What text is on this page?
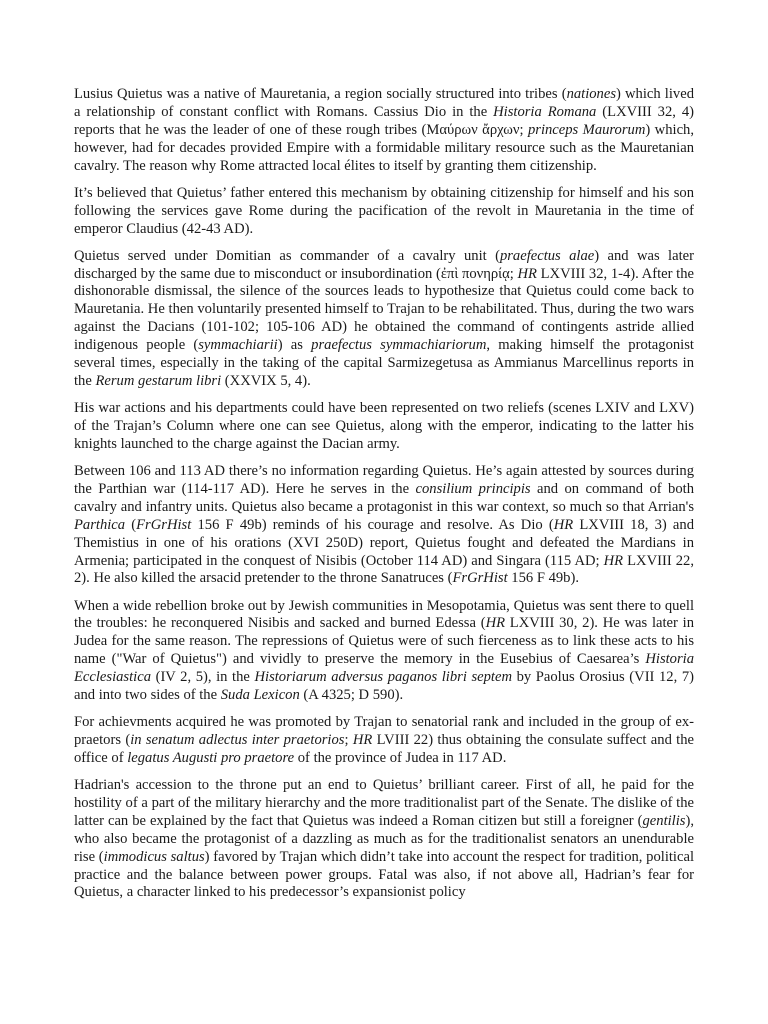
Lusius Quietus was a native of Mauretania, a region socially structured into tribes (nationes) which lived a relationship of constant conflict with Romans. Cassius Dio in the Historia Romana (LXVIII 32, 4) reports that he was the leader of one of these rough tribes (Μαύρων ἄρχων; princeps Maurorum) which, however, had for decades provided Empire with a formidable military resource such as the Mauretanian cavalry. The reason why Rome attracted local élites to itself by granting them citizenship.

It’s believed that Quietus’ father entered this mechanism by obtaining citizenship for himself and his son following the services gave Rome during the pacification of the revolt in Mauretania in the time of emperor Claudius (42-43 AD).

Quietus served under Domitian as commander of a cavalry unit (praefectus alae) and was later discharged by the same due to misconduct or insubordination (ἐπὶ πονηρίᾳ; HR LXVIII 32, 1-4). After the dishonorable dismissal, the silence of the sources leads to hypothesize that Quietus could come back to Mauretania. He then voluntarily presented himself to Trajan to be rehabilitated. Thus, during the two wars against the Dacians (101-102; 105-106 AD) he obtained the command of contingents astride allied indigenous people (symmachiarii) as praefectus symmachiariorum, making himself the protagonist several times, especially in the taking of the capital Sarmizegetusa as Ammianus Marcellinus reports in the Rerum gestarum libri (XXVIX 5, 4).

His war actions and his departments could have been represented on two reliefs (scenes LXIV and LXV) of the Trajan’s Column where one can see Quietus, along with the emperor, indicating to the latter his knights launched to the charge against the Dacian army.

Between 106 and 113 AD there’s no information regarding Quietus. He’s again attested by sources during the Parthian war (114-117 AD). Here he serves in the consilium principis and on command of both cavalry and infantry units. Quietus also became a protagonist in this war context, so much so that Arrian's Parthica (FrGrHist 156 F 49b) reminds of his courage and resolve. As Dio (HR LXVIII 18, 3) and Themistius in one of his orations (XVI 250D) report, Quietus fought and defeated the Mardians in Armenia; participated in the conquest of Nisibis (October 114 AD) and Singara (115 AD; HR LXVIII 22, 2). He also killed the arsacid pretender to the throne Sanatruces (FrGrHist 156 F 49b).

When a wide rebellion broke out by Jewish communities in Mesopotamia, Quietus was sent there to quell the troubles: he reconquered Nisibis and sacked and burned Edessa (HR LXVIII 30, 2). He was later in Judea for the same reason. The repressions of Quietus were of such fierceness as to link these acts to his name ("War of Quietus") and vividly to preserve the memory in the Eusebius of Caesarea’s Historia Ecclesiastica (IV 2, 5), in the Historiarum adversus paganos libri septem by Paolus Orosius (VII 12, 7) and into two sides of the Suda Lexicon (A 4325; D 590).

For achievments acquired he was promoted by Trajan to senatorial rank and included in the group of ex-praetors (in senatum adlectus inter praetorios; HR LVIII 22) thus obtaining the consulate suffect and the office of legatus Augusti pro praetore of the province of Judea in 117 AD.

Hadrian's accession to the throne put an end to Quietus’ brilliant career. First of all, he paid for the hostility of a part of the military hierarchy and the more traditionalist part of the Senate. The dislike of the latter can be explained by the fact that Quietus was indeed a Roman citizen but still a foreigner (gentilis), who also became the protagonist of a dazzling as much as for the traditionalist senators an unendurable rise (immodicus saltus) favored by Trajan which didn’t take into account the respect for tradition, political practice and the balance between power groups. Fatal was also, if not above all, Hadrian’s fear for Quietus, a character linked to his predecessor’s expansionist policy
